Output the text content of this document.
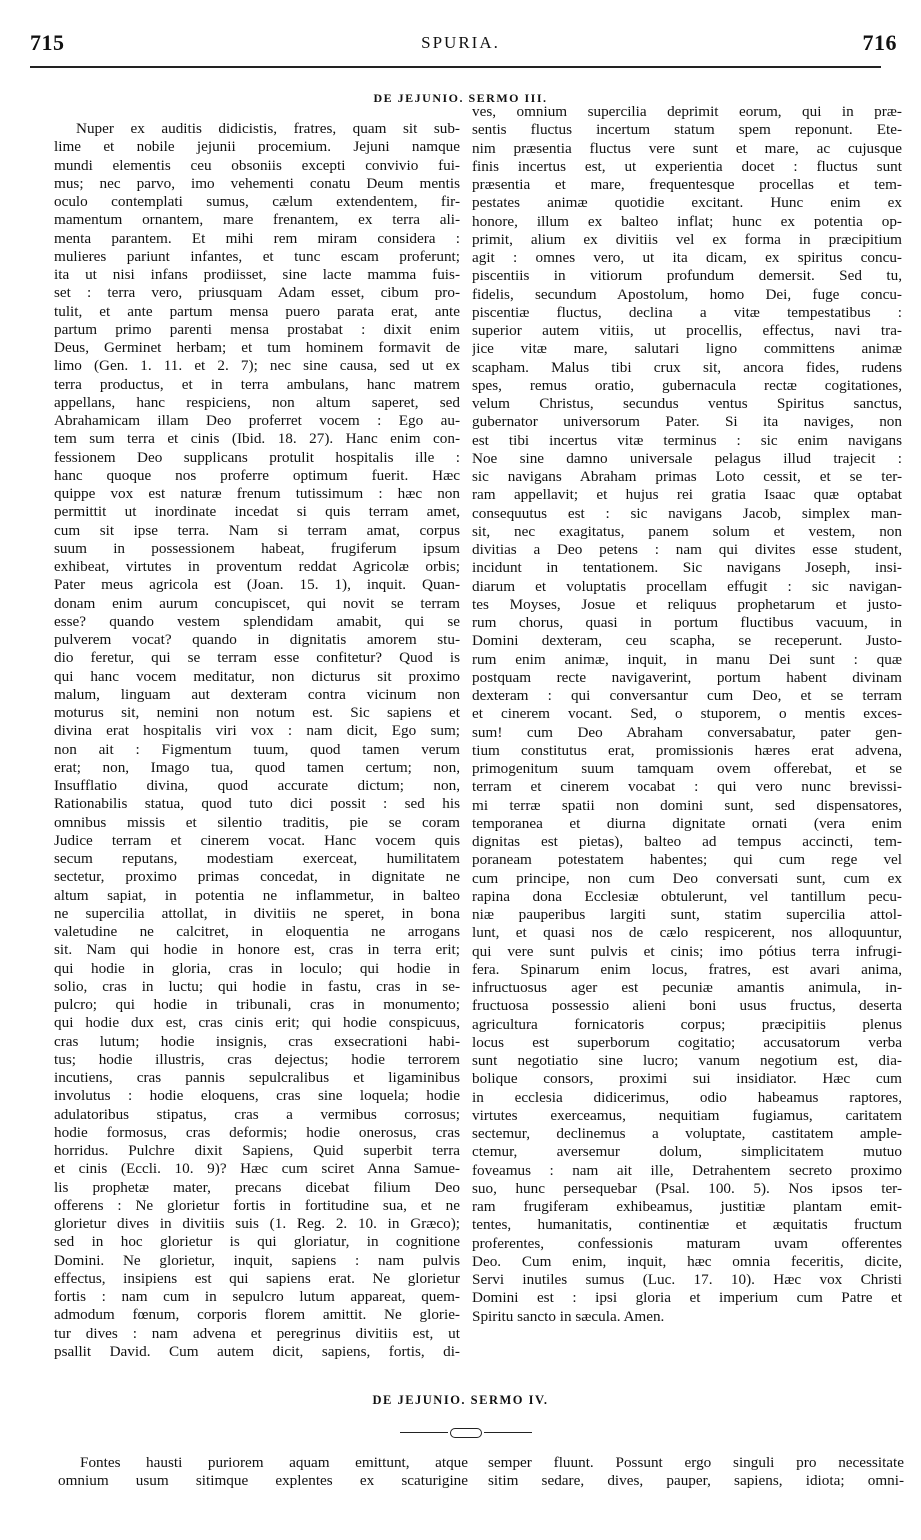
715	SPURIA.	716
DE JEJUNIO. SERMO III.
Nuper ex auditis didicistis, fratres, quam sit sub-
lime et nobile jejunii procemium. Jejuni namque
mundi elementis ceu obsoniis excepti convivio fui-
mus; nec parvo, imo vehementi conatu Deum mentis
oculo contemplati sumus, cælum extendentem, fir-
mamentum ornantem, mare frenantem, ex terra ali-
menta parantem. Et mihi rem miram considera :
mulieres pariunt infantes, et tunc escam proferunt;
ita ut nisi infans prodiisset, sine lacte mamma fuis-
set : terra vero, priusquam Adam esset, cibum pro-
tulit, et ante partum mensa puero parata erat, ante
partum primo parenti mensa prostabat : dixit enim
Deus, Germinet herbam; et tum hominem formavit de
limo (Gen. 1. 11. et 2. 7); nec sine causa, sed ut ex
terra productus, et in terra ambulans, hanc matrem
appellans, hanc respiciens, non altum saperet, sed
Abrahamicam illam Deo proferret vocem : Ego au-
tem sum terra et cinis (Ibid. 18. 27). Hanc enim con-
fessionem Deo supplicans protulit hospitalis ille :
hanc quoque nos proferre optimum fuerit. Hæc
quippe vox est naturæ frenum tutissimum : hæc non
permittit ut inordinate incedat si quis terram amet,
cum sit ipse terra. Nam si terram amat, corpus
suum in possessionem habeat, frugiferum ipsum
exhibeat, virtutes in proventum reddat Agricolæ orbis;
Pater meus agricola est (Joan. 15. 1), inquit. Quan-
donam enim aurum concupiscet, qui novit se terram
esse? quando vestem splendidam amabit, qui se
pulverem vocat? quando in dignitatis amorem stu-
dio feretur, qui se terram esse confitetur? Quod is
qui hanc vocem meditatur, non dicturus sit proximo
malum, linguam aut dexteram contra vicinum non
moturus sit, nemini non notum est. Sic sapiens et
divina erat hospitalis viri vox : nam dicit, Ego sum;
non ait : Figmentum tuum, quod tamen verum
erat; non, Imago tua, quod tamen certum; non,
Insufflatio divina, quod accurate dictum; non,
Rationabilis statua, quod tuto dici possit : sed his
omnibus missis et silentio traditis, pie se coram
Judice terram et cinerem vocat. Hanc vocem quis
secum reputans, modestiam exerceat, humilitatem
sectetur, proximo primas concedat, in dignitate ne
altum sapiat, in potentia ne inflammetur, in balteo
ne supercilia attollat, in divitiis ne speret, in bona
valetudine ne calcitret, in eloquentia ne arrogans
sit. Nam qui hodie in honore est, cras in terra erit;
qui hodie in gloria, cras in loculo; qui hodie in
solio, cras in luctu; qui hodie in fastu, cras in se-
pulcro; qui hodie in tribunali, cras in monumento;
qui hodie dux est, cras cinis erit; qui hodie conspicuus,
cras lutum; hodie insignis, cras exsecrationi habi-
tus; hodie illustris, cras dejectus; hodie terrorem
incutiens, cras pannis sepulcralibus et ligaminibus
involutus : hodie eloquens, cras sine loquela; hodie
adulatoribus stipatus, cras a vermibus corrosus;
hodie formosus, cras deformis; hodie onerosus, cras
horridus. Pulchre dixit Sapiens, Quid superbit terra
et cinis (Eccli. 10. 9)? Hæc cum sciret Anna Samue-
lis prophetæ mater, precans dicebat filium Deo
offerens : Ne glorietur fortis in fortitudine sua, et ne
glorietur dives in divitiis suis (1. Reg. 2. 10. in Græco);
sed in hoc glorietur is qui gloriatur, in cognitione
Domini. Ne glorietur, inquit, sapiens : nam pulvis
effectus, insipiens est qui sapiens erat. Ne glorietur
fortis : nam cum in sepulcro lutum appareat, quem-
admodum fœnum, corporis florem amittit. Ne glorie-
tur dives : nam advena et peregrinus divitiis est, ut
psallit David. Cum autem dicit, sapiens, fortis, di-
ves, omnium supercilia deprimit eorum, qui in præ-
sentis fluctus incertum statum spem reponunt. Ete-
nim præsentia fluctus vere sunt et mare, ac cujusque
finis incertus est, ut experientia docet : fluctus sunt
præsentia et mare, frequentesque procellas et tem-
pestates animæ quotidie excitant. Hunc enim ex
honore, illum ex balteo inflat; hunc ex potentia op-
primit, alium ex divitiis vel ex forma in præcipitium
agit : omnes vero, ut ita dicam, ex spiritus concu-
piscentiis in vitiorum profundum demersit. Sed tu,
fidelis, secundum Apostolum, homo Dei, fuge concu-
piscentiæ fluctus, declina a vitæ tempestatibus :
superior autem vitiis, ut procellis, effectus, navi tra-
jice vitæ mare, salutari ligno committens animæ
scapham. Malus tibi crux sit, ancora fides, rudens
spes, remus oratio, gubernacula rectæ cogitationes,
velum Christus, secundus ventus Spiritus sanctus,
gubernator universorum Pater. Si ita naviges, non
est tibi incertus vitæ terminus : sic enim navigans
Noe sine damno universale pelagus illud trajecit :
sic navigans Abraham primas Loto cessit, et se ter-
ram appellavit; et hujus rei gratia Isaac quæ optabat
consequutus est : sic navigans Jacob, simplex man-
sit, nec exagitatus, panem solum et vestem, non
divitias a Deo petens : nam qui divites esse student,
incidunt in tentationem. Sic navigans Joseph, insi-
diarum et voluptatis procellam effugit : sic navigan-
tes Moyses, Josue et reliquus prophetarum et justo-
rum chorus, quasi in portum fluctibus vacuum, in
Domini dexteram, ceu scapha, se receperunt. Justo-
rum enim animæ, inquit, in manu Dei sunt : quæ
postquam recte navigaverint, portum habent divinam
dexteram : qui conversantur cum Deo, et se terram
et cinerem vocant. Sed, o stuporem, o mentis exces-
sum! cum Deo Abraham conversabatur, pater gen-
tium constitutus erat, promissionis hæres erat advena,
primogenitum suum tamquam ovem offerebat, et se
terram et cinerem vocabat : qui vero nunc brevissi-
mi terræ spatii non domini sunt, sed dispensatores,
temporanea et diurna dignitate ornati (vera enim
dignitas est pietas), balteo ad tempus accincti, tem-
poraneam potestatem habentes; qui cum rege vel
cum principe, non cum Deo conversati sunt, cum ex
rapina dona Ecclesiæ obtulerunt, vel tantillum pecu-
niæ pauperibus largiti sunt, statim supercilia attol-
lunt, et quasi nos de cælo respicerent, nos alloquuntur,
qui vere sunt pulvis et cinis; imo pótius terra infrugi-
fera. Spinarum enim locus, fratres, est avari anima,
infructuosus ager est pecuniæ amantis animula, in-
fructuosa possessio alieni boni usus fructus, deserta
agricultura fornicatoris corpus; præcipitiis plenus
locus est superborum cogitatio; accusatorum verba
sunt negotiatio sine lucro; vanum negotium est, dia-
bolique consors, proximi sui insidiator. Hæc cum
in ecclesia didicerimus, odio habeamus raptores,
virtutes exerceamus, nequitiam fugiamus, caritatem
sectemur, declinemus a voluptate, castitatem ample-
ctemur, aversemur dolum, simplicitatem mutuo
foveamus : nam ait ille, Detrahentem secreto proximo
suo, hunc persequebar (Psal. 100. 5). Nos ipsos ter-
ram frugiferam exhibeamus, justitiæ plantam emit-
tentes, humanitatis, continentiæ et æquitatis fructum
proferentes, confessionis maturam uvam offerentes
Deo. Cum enim, inquit, hæc omnia feceritis, dicite,
Servi inutiles sumus (Luc. 17. 10). Hæc vox Christi
Domini est : ipsi gloria et imperium cum Patre et
Spiritu sancto in sæcula. Amen.
DE JEJUNIO. SERMO IV.
Fontes hausti puriorem aquam emittunt, atque
omnium usum sitimque explentes ex scaturigine
semper fluunt. Possunt ergo singuli pro necessitate
sitim sedare, dives, pauper, sapiens, idiota; omni-
